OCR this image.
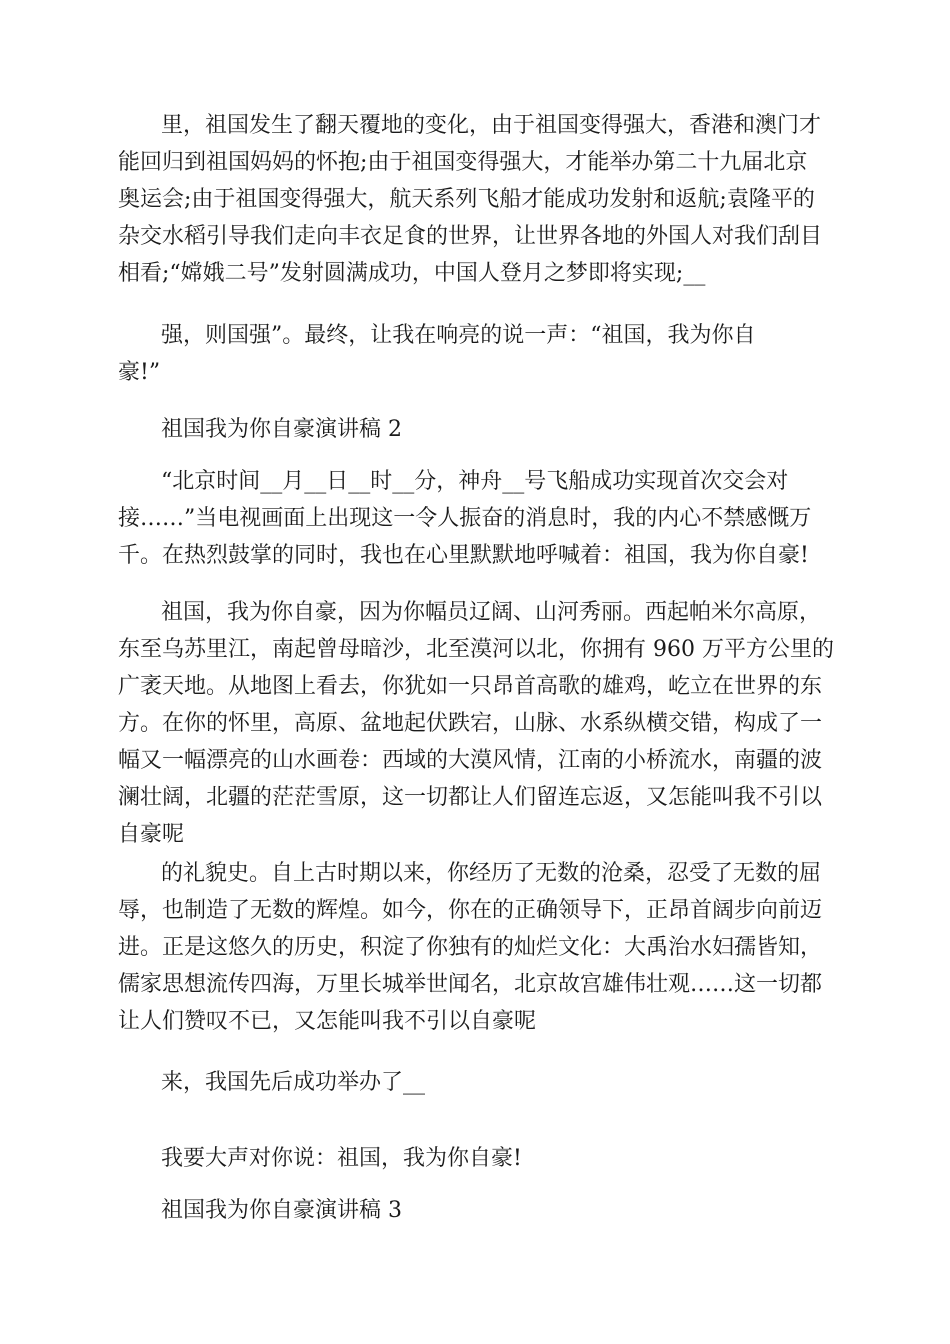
里，祖国发生了翻天覆地的变化，由于祖国变得强大，香港和澳门才
能回归到祖国妈妈的怀抱;由于祖国变得强大，才能举办第二十九届北京
奥运会;由于祖国变得强大，航天系列飞船才能成功发射和返航;袁隆平的
杂交水稻引导我们走向丰衣足食的世界，让世界各地的外国人对我们刮目
相看;“嫦娥二号”发射圆满成功，中国人登月之梦即将实现;__
强，则国强”。最终，让我在响亮的说一声：“祖国，我为你自
豪!”
祖国我为你自豪演讲稿 2
“北京时间__月__日__时__分，神舟__号飞船成功实现首次交会对
接……”当电视画面上出现这一令人振奋的消息时，我的内心不禁感慨万
千。在热烈鼓掌的同时，我也在心里默默地呼喊着：祖国，我为你自豪!
祖国，我为你自豪，因为你幅员辽阔、山河秀丽。西起帕米尔高原，
东至乌苏里江，南起曾母暗沙，北至漠河以北，你拥有 960 万平方公里的
广袤天地。从地图上看去，你犹如一只昂首高歌的雄鸡，屹立在世界的东
方。在你的怀里，高原、盆地起伏跌宕，山脉、水系纵横交错，构成了一
幅又一幅漂亮的山水画卷：西域的大漠风情，江南的小桥流水，南疆的波
澜壮阔，北疆的茫茫雪原，这一切都让人们留连忘返，又怎能叫我不引以
自豪呢
的礼貌史。自上古时期以来，你经历了无数的沧桑，忍受了无数的屈
辱，也制造了无数的辉煌。如今，你在的正确领导下，正昂首阔步向前迈
进。正是这悠久的历史，积淀了你独有的灿烂文化：大禹治水妇孺皆知，
儒家思想流传四海，万里长城举世闻名，北京故宫雄伟壮观……这一切都
让人们赞叹不已，又怎能叫我不引以自豪呢
来，我国先后成功举办了__
我要大声对你说：祖国，我为你自豪!
祖国我为你自豪演讲稿 3
